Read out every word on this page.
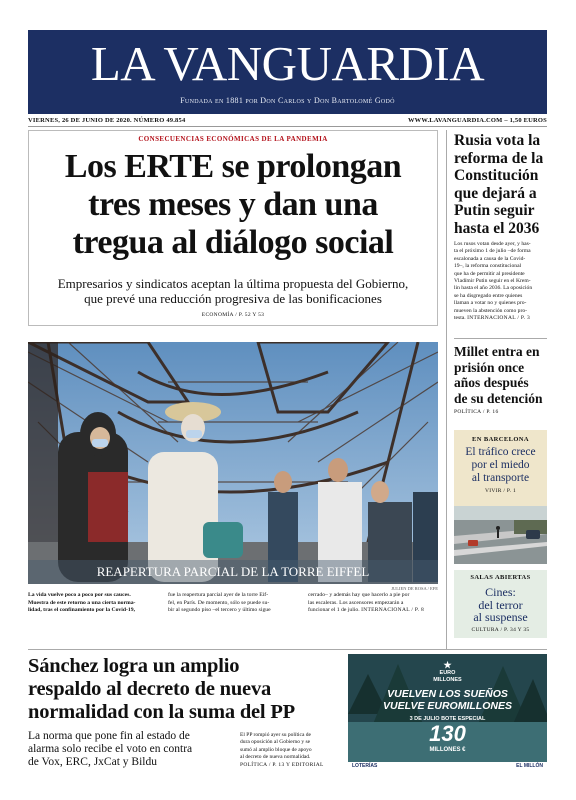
LA VANGUARDIA
Fundada en 1881 por Don Carlos y Don Bartolomé Godó
VIERNES, 26 DE JUNIO DE 2020. NÚMERO 49.854	WWW.LAVANGUARDIA.COM – 1,50 EUROS
CONSECUENCIAS ECONÓMICAS DE LA PANDEMIA
Los ERTE se prolongan
tres meses y dan una
tregua al diálogo social
Empresarios y sindicatos aceptan la última propuesta del Gobierno,
que prevé una reducción progresiva de las bonificaciones
ECONOMÍA / P. 52 Y 53
Rusia vota la
reforma de la
Constitución
que dejará a
Putin seguir
hasta el 2036
Los rusos votan desde ayer, y has-
ta el próximo 1 de julio –de forma
escalonada a causa de la Covid-
19–, la reforma constitucional
que ha de permitir al presidente
Vladímir Putin seguir en el Krem-
lin hasta el año 2036. La oposición
se ha disgregado entre quienes
llaman a votar no y quienes pro-
mueven la abstención como pro-
testa. INTERNACIONAL / P. 3
Millet entra en
prisión once
años después
de su detención
POLÍTICA / P. 16
EN BARCELONA
El tráfico crece
por el miedo
al transporte
VIVIR / P. 1
SALAS ABIERTAS
Cines:
del terror
al suspense
CULTURA / P. 34 Y 35
REAPERTURA PARCIAL DE LA TORRE EIFFEL
JULIEN DE ROSA / EFE
La vida vuelve poco a poco por sus cauces.
Muestra de este retorno a una cierta norma-
lidad, tras el confinamiento por la Covid-19,
fue la reapertura parcial ayer de la torre Eif-
fel, en París. De momento, sólo se puede su-
bir al segundo piso –el tercero y último sigue
cerrado– y además hay que hacerlo a pie por
las escaleras. Los ascensores empezarán a
funcionar el 1 de julio. INTERNACIONAL / P. 8
Sánchez logra un amplio
respaldo al decreto de nueva
normalidad con la suma del PP
La norma que pone fin al estado de
alarma solo recibe el voto en contra
de Vox, ERC, JxCat y Bildu
El PP rompió ayer su política de
dura oposición al Gobierno y se
sumó al amplio bloque de apoyo
al decreto de nueva normalidad.
POLÍTICA / P. 13 Y EDITORIAL
★
EURO
MILLONES
VUELVEN LOS SUEÑOS
VUELVE EUROMILLONES
3 DE JULIO BOTE ESPECIAL
130
MILLONES €
LOTERÍAS	EL MILLÓN
